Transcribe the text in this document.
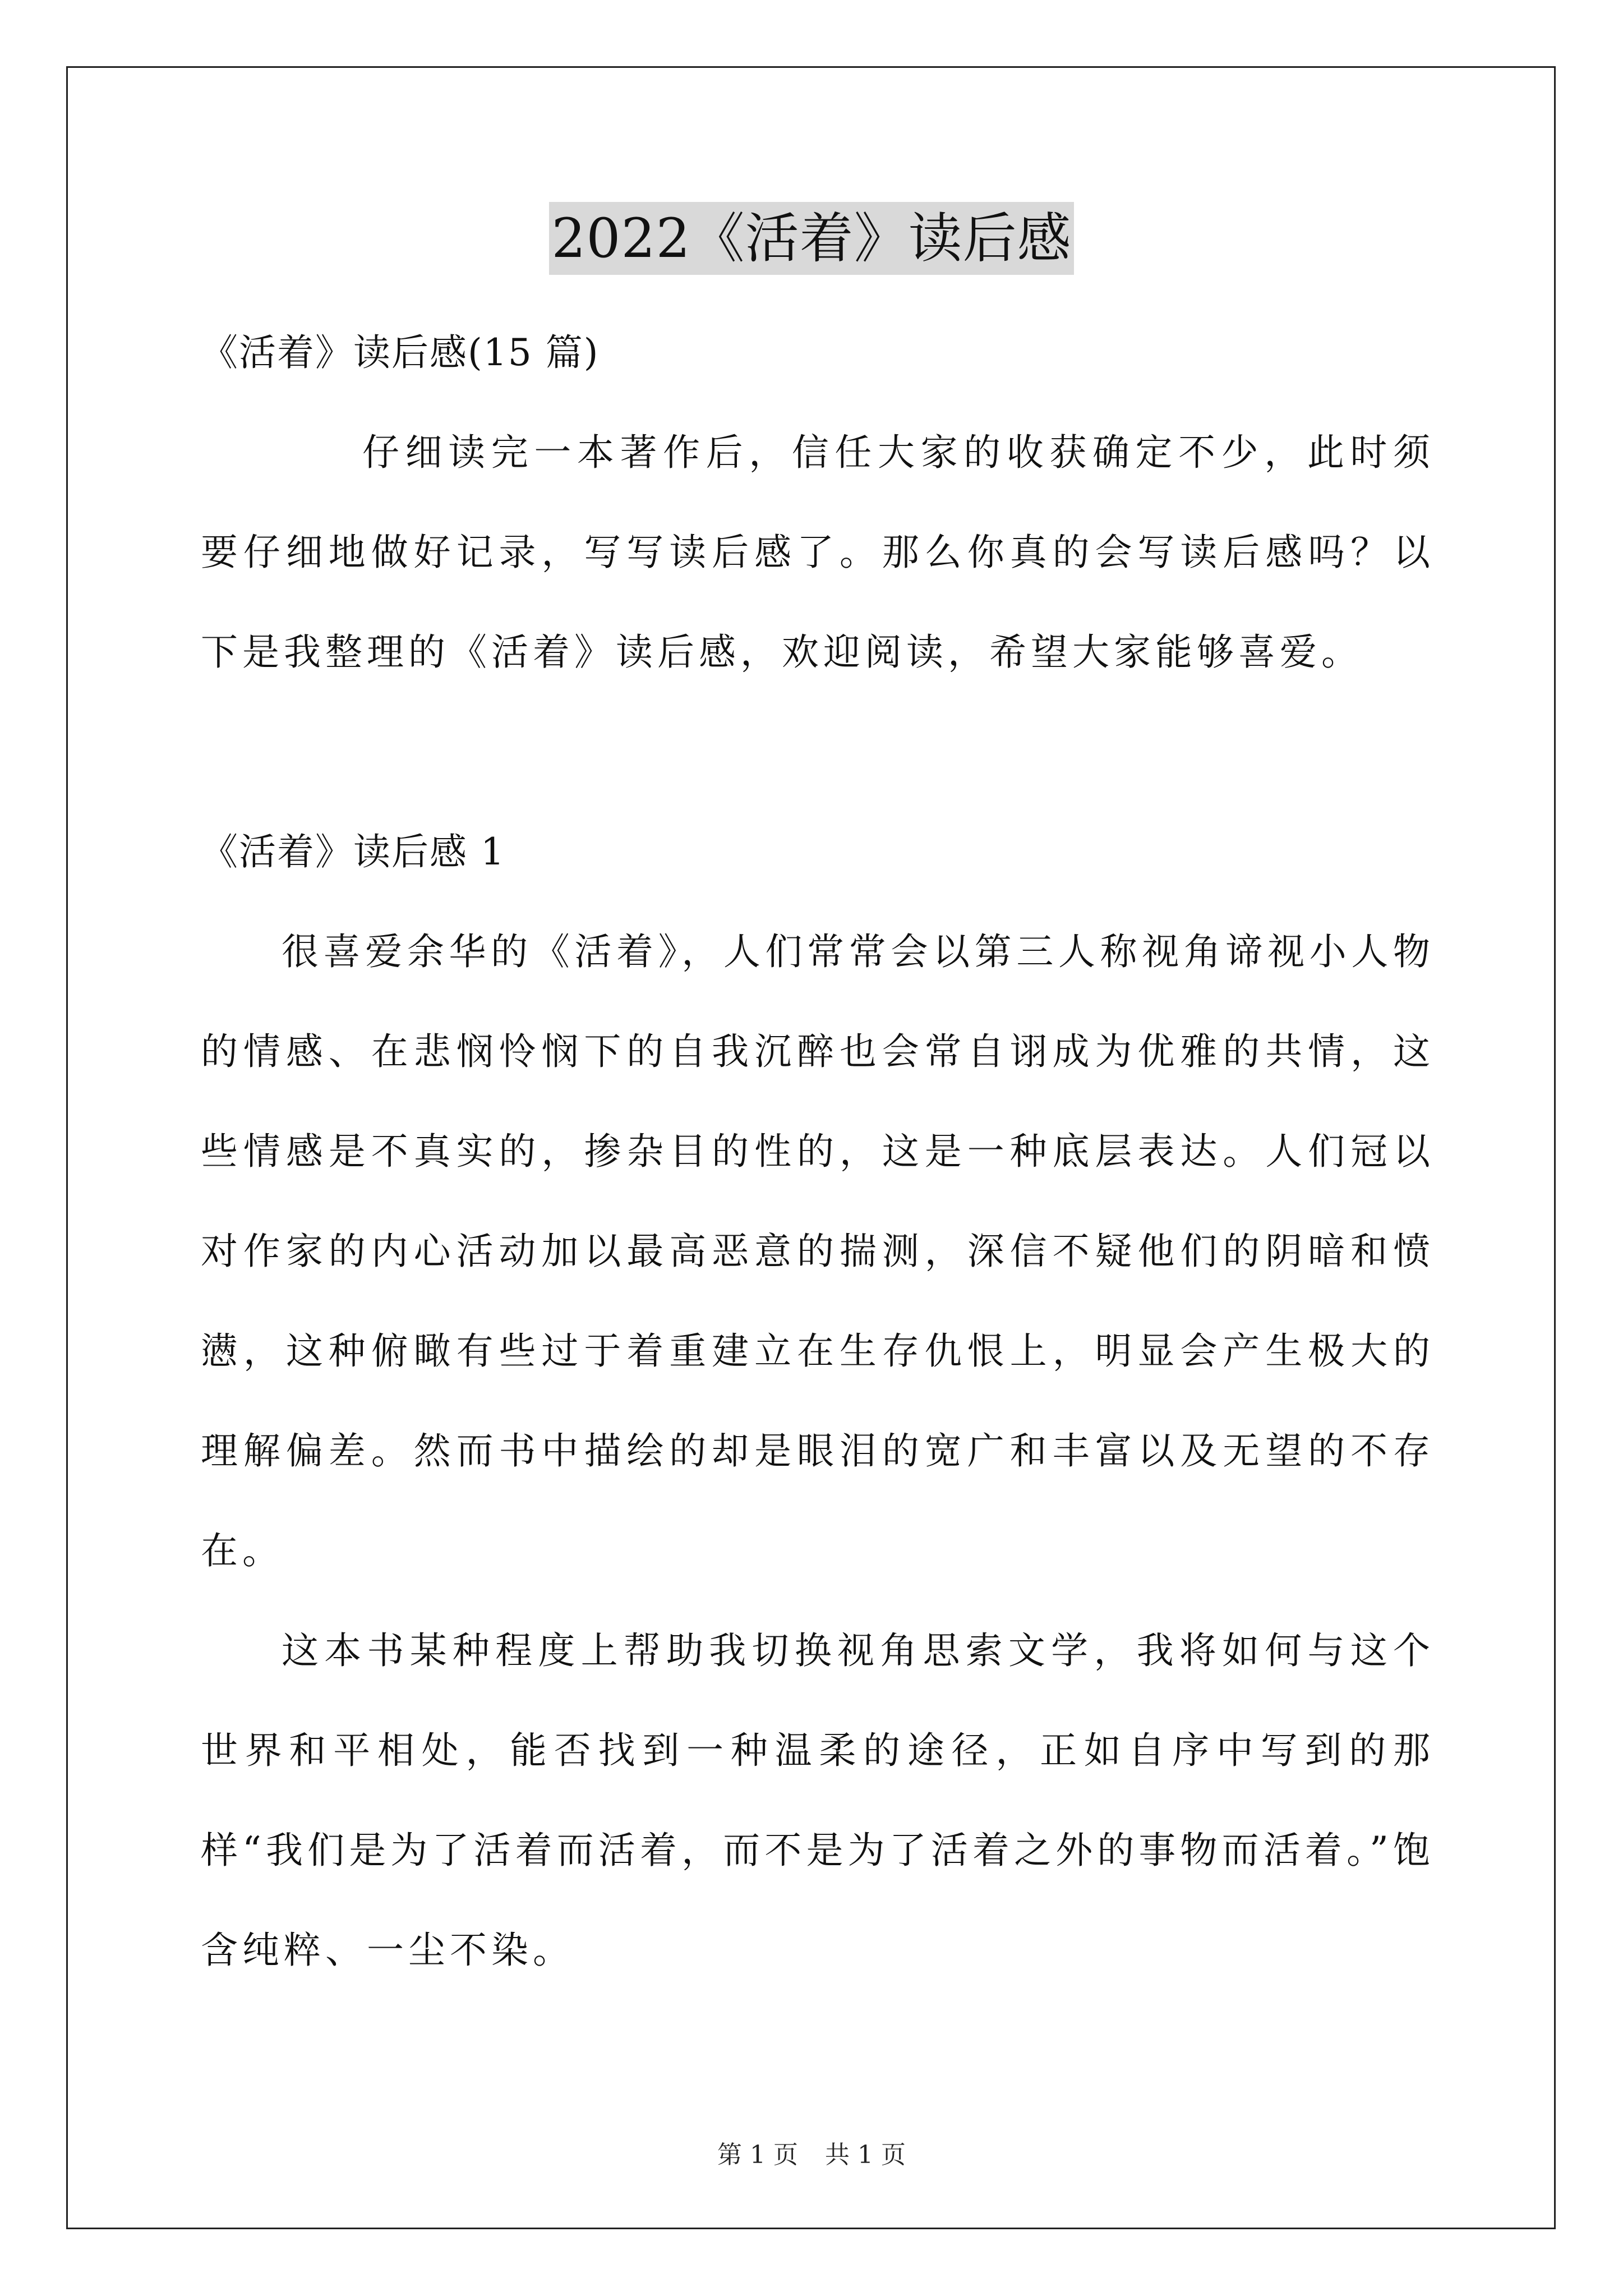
2022《活着》读后感

《活着》读后感(15 篇)

仔细读完一本著作后，信任大家的收获确定不少，此时须要仔细地做好记录，写写读后感了。那么你真的会写读后感吗？以下是我整理的《活着》读后感，欢迎阅读，希望大家能够喜爱。

《活着》读后感 1

很喜爱余华的《活着》，人们常常会以第三人称视角谛视小人物的情感、在悲悯怜悯下的自我沉醉也会常自诩成为优雅的共情，这些情感是不真实的，掺杂目的性的，这是一种底层表达。人们冠以对作家的内心活动加以最高恶意的揣测，深信不疑他们的阴暗和愤懑，这种俯瞰有些过于着重建立在生存仇恨上，明显会产生极大的理解偏差。然而书中描绘的却是眼泪的宽广和丰富以及无望的不存在。

这本书某种程度上帮助我切换视角思索文学，我将如何与这个世界和平相处，能否找到一种温柔的途径，正如自序中写到的那样“我们是为了活着而活着，而不是为了活着之外的事物而活着。”饱含纯粹、一尘不染。

第 1 页 共 1 页
